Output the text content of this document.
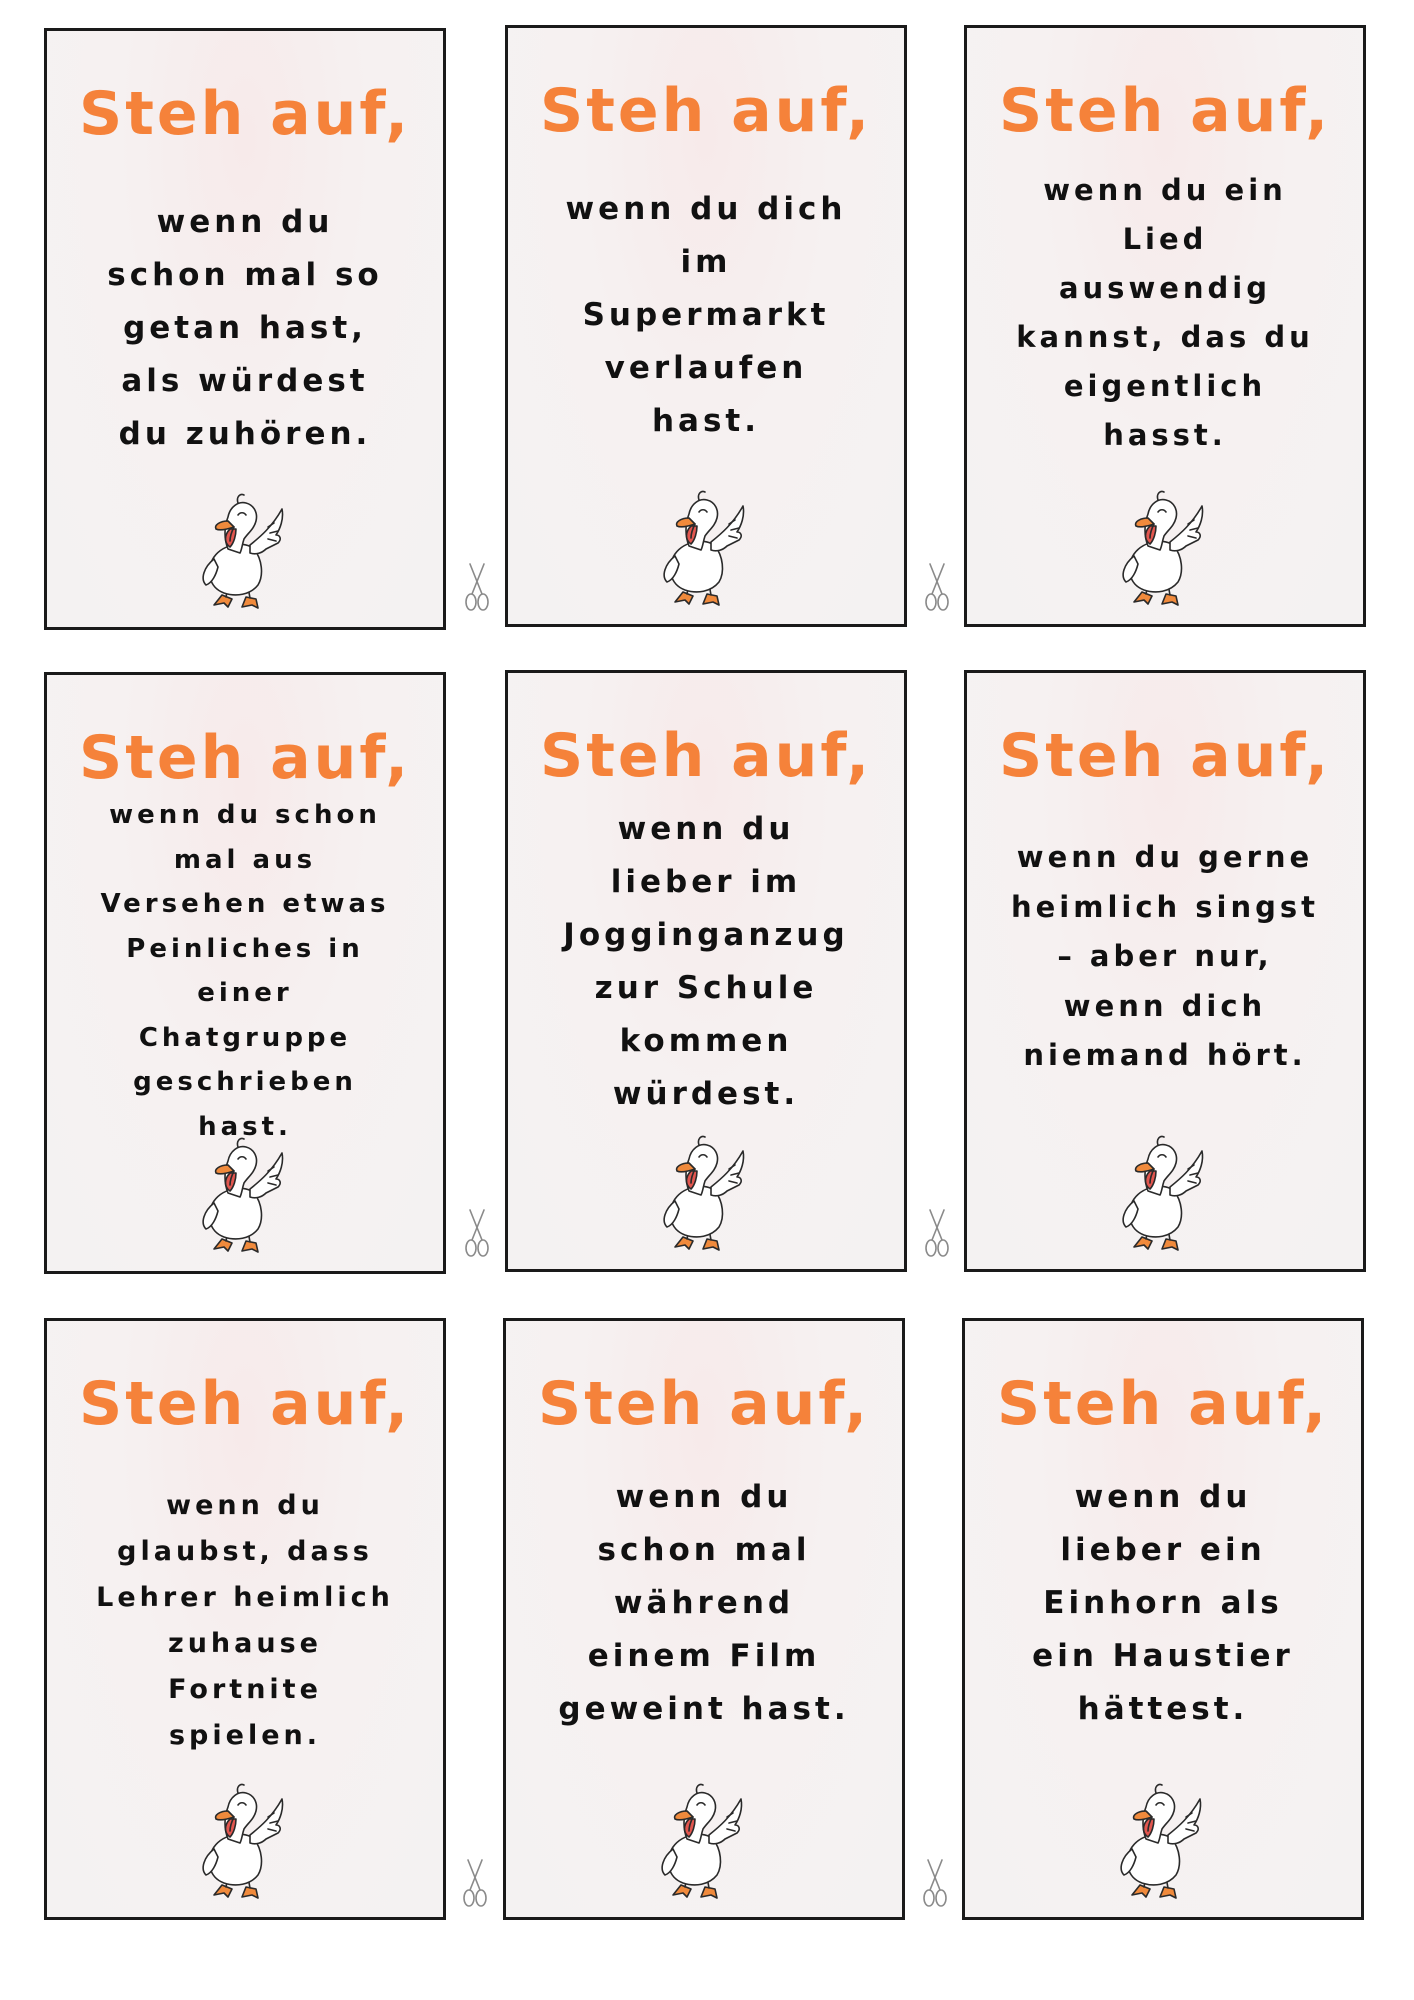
Steh auf,
wenn du
schon mal so
getan hast,
als würdest
du zuhören.
Steh auf,
wenn du dich
im
Supermarkt
verlaufen
hast.
Steh auf,
wenn du ein
Lied
auswendig
kannst, das du
eigentlich
hasst.
Steh auf,
wenn du schon
mal aus
Versehen etwas
Peinliches in
einer
Chatgruppe
geschrieben
hast.
Steh auf,
wenn du
lieber im
Jogginganzug
zur Schule
kommen
würdest.
Steh auf,
wenn du gerne
heimlich singst
– aber nur,
wenn dich
niemand hört.
Steh auf,
wenn du
glaubst, dass
Lehrer heimlich
zuhause
Fortnite
spielen.
Steh auf,
wenn du
schon mal
während
einem Film
geweint hast.
Steh auf,
wenn du
lieber ein
Einhorn als
ein Haustier
hättest.
